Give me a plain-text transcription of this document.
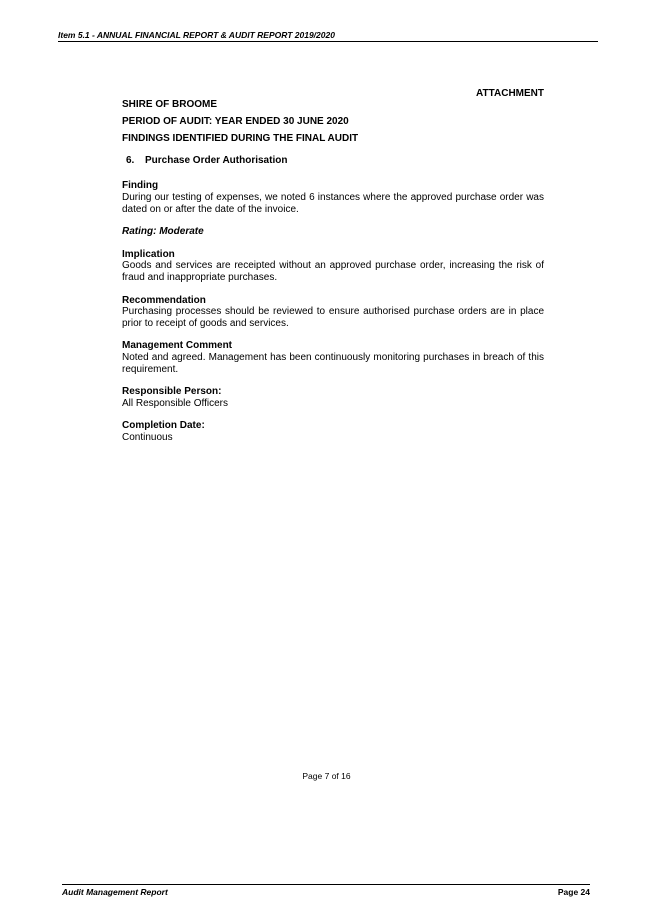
Item 5.1 - ANNUAL FINANCIAL REPORT & AUDIT REPORT 2019/2020
ATTACHMENT
SHIRE OF BROOME
PERIOD OF AUDIT: YEAR ENDED 30 JUNE 2020
FINDINGS IDENTIFIED DURING THE FINAL AUDIT
6. Purchase Order Authorisation
Finding
During our testing of expenses, we noted 6 instances where the approved purchase order was dated on or after the date of the invoice.
Rating: Moderate
Implication
Goods and services are receipted without an approved purchase order, increasing the risk of fraud and inappropriate purchases.
Recommendation
Purchasing processes should be reviewed to ensure authorised purchase orders are in place prior to receipt of goods and services.
Management Comment
Noted and agreed. Management has been continuously monitoring purchases in breach of this requirement.
Responsible Person:
All Responsible Officers
Completion Date:
Continuous
Page 7 of 16
Audit Management Report	Page 24
